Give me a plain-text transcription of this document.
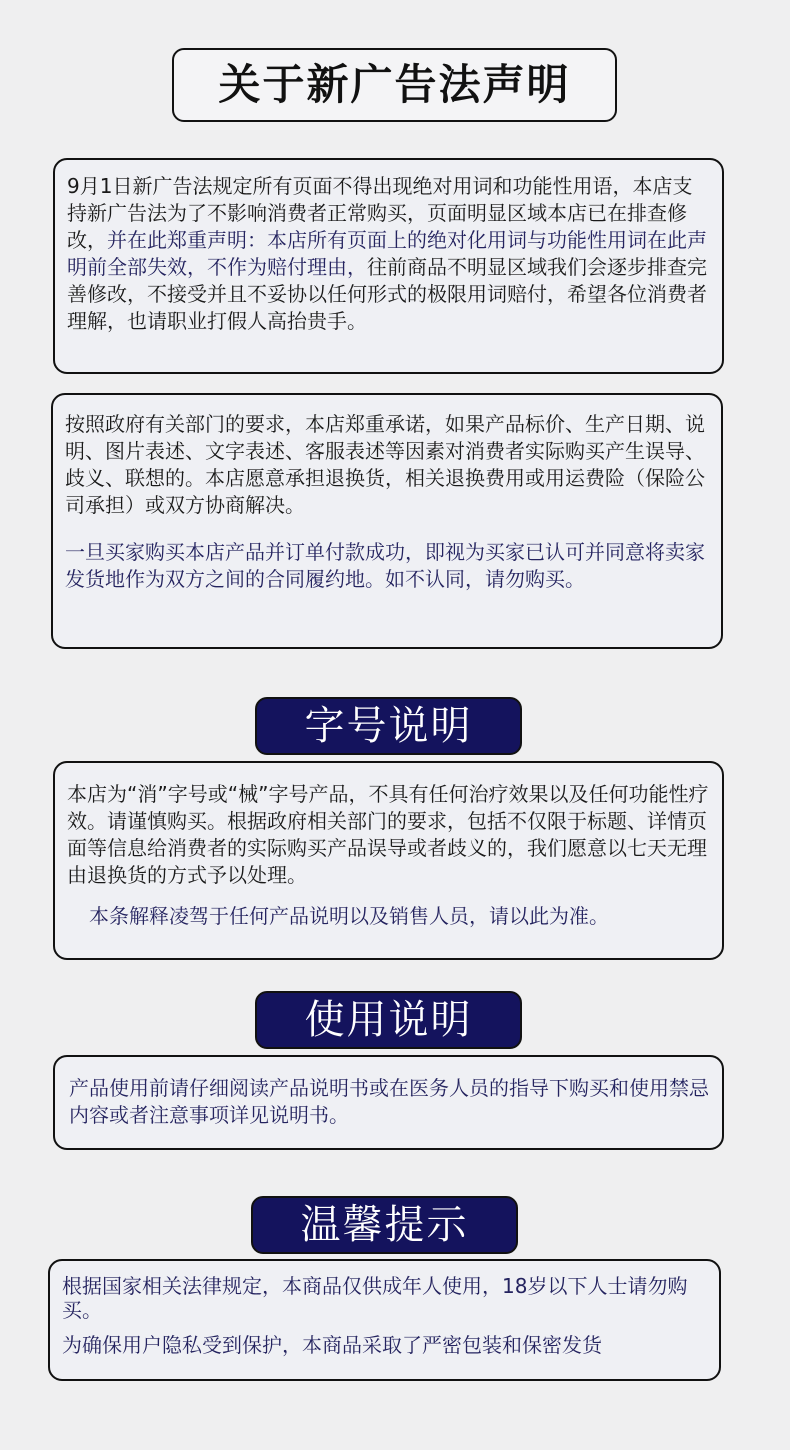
关于新广告法声明

9月1日新广告法规定所有页面不得出现绝对用词和功能性用语，本店支持新广告法为了不影响消费者正常购买，页面明显区域本店已在排查修改，并在此郑重声明：本店所有页面上的绝对化用词与功能性用词在此声明前全部失效，不作为赔付理由，往前商品不明显区域我们会逐步排查完善修改，不接受并且不妥协以任何形式的极限用词赔付，希望各位消费者理解，也请职业打假人高抬贵手。

按照政府有关部门的要求，本店郑重承诺，如果产品标价、生产日期、说明、图片表述、文字表述、客服表述等因素对消费者实际购买产生误导、歧义、联想的。本店愿意承担退换货，相关退换费用或用运费险（保险公司承担）或双方协商解决。

一旦买家购买本店产品并订单付款成功，即视为买家已认可并同意将卖家发货地作为双方之间的合同履约地。如不认同，请勿购买。

字号说明

本店为“消”字号或“械”字号产品，不具有任何治疗效果以及任何功能性疗效。请谨慎购买。根据政府相关部门的要求，包括不仅限于标题、详情页面等信息给消费者的实际购买产品误导或者歧义的，我们愿意以七天无理由退换货的方式予以处理。

本条解释凌驾于任何产品说明以及销售人员，请以此为准。

使用说明

产品使用前请仔细阅读产品说明书或在医务人员的指导下购买和使用禁忌内容或者注意事项详见说明书。

温馨提示

根据国家相关法律规定，本商品仅供成年人使用，18岁以下人士请勿购买。

为确保用户隐私受到保护，本商品采取了严密包装和保密发货
